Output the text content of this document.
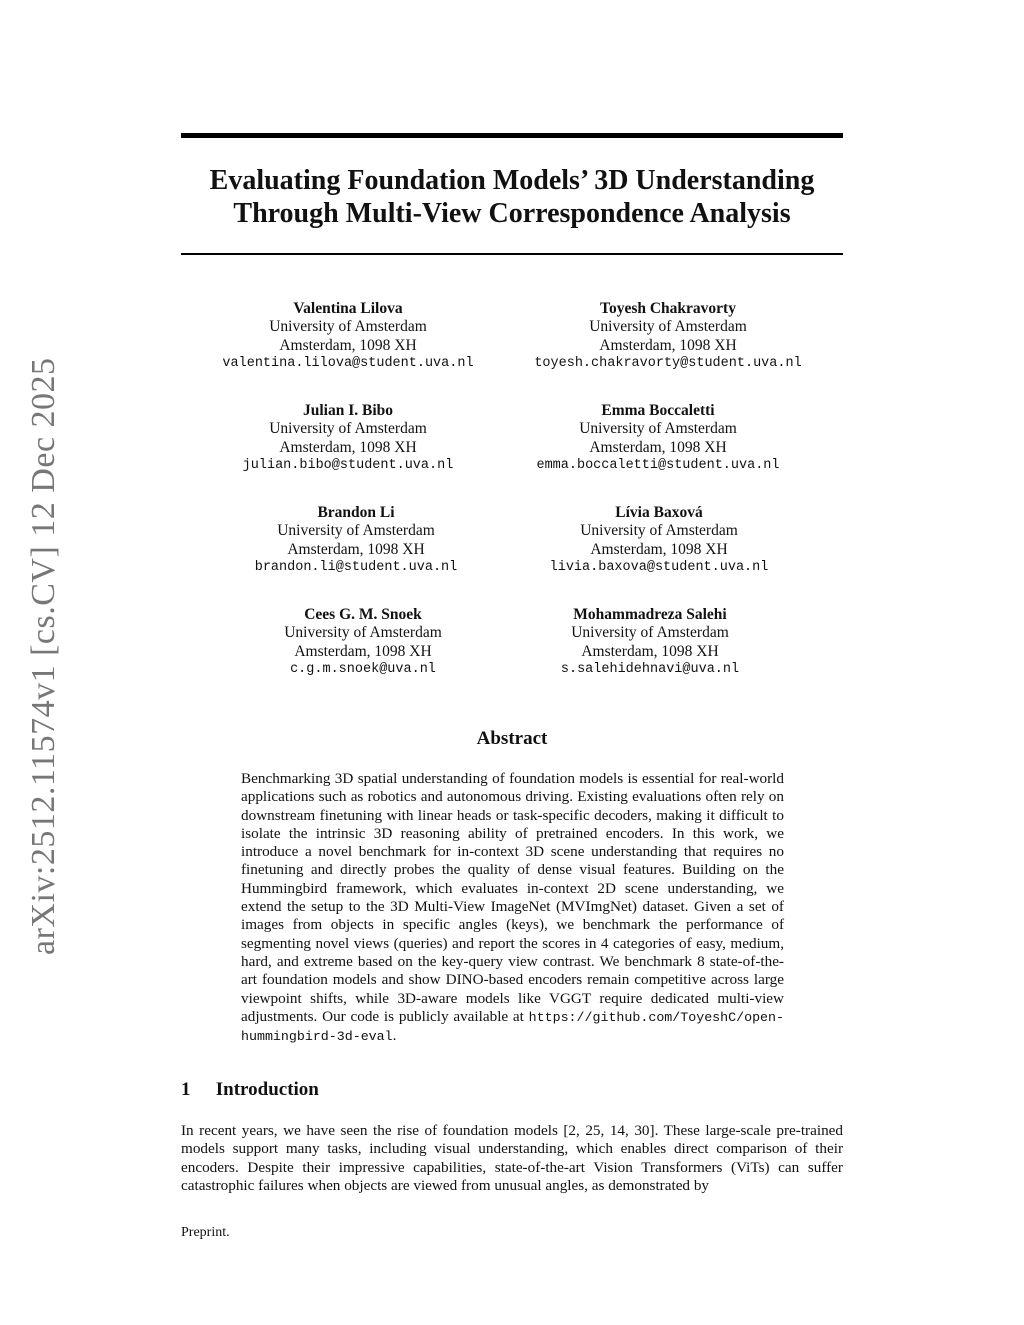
arXiv:2512.11574v1 [cs.CV] 12 Dec 2025
Evaluating Foundation Models’ 3D Understanding
Through Multi-View Correspondence Analysis
Valentina Lilova
University of Amsterdam
Amsterdam, 1098 XH
valentina.lilova@student.uva.nl
Toyesh Chakravorty
University of Amsterdam
Amsterdam, 1098 XH
toyesh.chakravorty@student.uva.nl
Julian I. Bibo
University of Amsterdam
Amsterdam, 1098 XH
julian.bibo@student.uva.nl
Emma Boccaletti
University of Amsterdam
Amsterdam, 1098 XH
emma.boccaletti@student.uva.nl
Brandon Li
University of Amsterdam
Amsterdam, 1098 XH
brandon.li@student.uva.nl
Lívia Baxová
University of Amsterdam
Amsterdam, 1098 XH
livia.baxova@student.uva.nl
Cees G. M. Snoek
University of Amsterdam
Amsterdam, 1098 XH
c.g.m.snoek@uva.nl
Mohammadreza Salehi
University of Amsterdam
Amsterdam, 1098 XH
s.salehidehnavi@uva.nl
Abstract
Benchmarking 3D spatial understanding of foundation models is essential for real-world applications such as robotics and autonomous driving. Existing evaluations often rely on downstream finetuning with linear heads or task-specific decoders, making it difficult to isolate the intrinsic 3D reasoning ability of pretrained encoders. In this work, we introduce a novel benchmark for in-context 3D scene understanding that requires no finetuning and directly probes the quality of dense visual features. Building on the Hummingbird framework, which evaluates in-context 2D scene understanding, we extend the setup to the 3D Multi-View ImageNet (MVImgNet) dataset. Given a set of images from objects in specific angles (keys), we benchmark the performance of segmenting novel views (queries) and report the scores in 4 categories of easy, medium, hard, and extreme based on the key-query view contrast. We benchmark 8 state-of-the-art foundation models and show DINO-based encoders remain competitive across large viewpoint shifts, while 3D-aware models like VGGT require dedicated multi-view adjustments. Our code is publicly available at https://github.com/ToyeshC/open-hummingbird-3d-eval.
1 Introduction
In recent years, we have seen the rise of foundation models [2, 25, 14, 30]. These large-scale pre-trained models support many tasks, including visual understanding, which enables direct comparison of their encoders. Despite their impressive capabilities, state-of-the-art Vision Transformers (ViTs) can suffer catastrophic failures when objects are viewed from unusual angles, as demonstrated by
Preprint.
